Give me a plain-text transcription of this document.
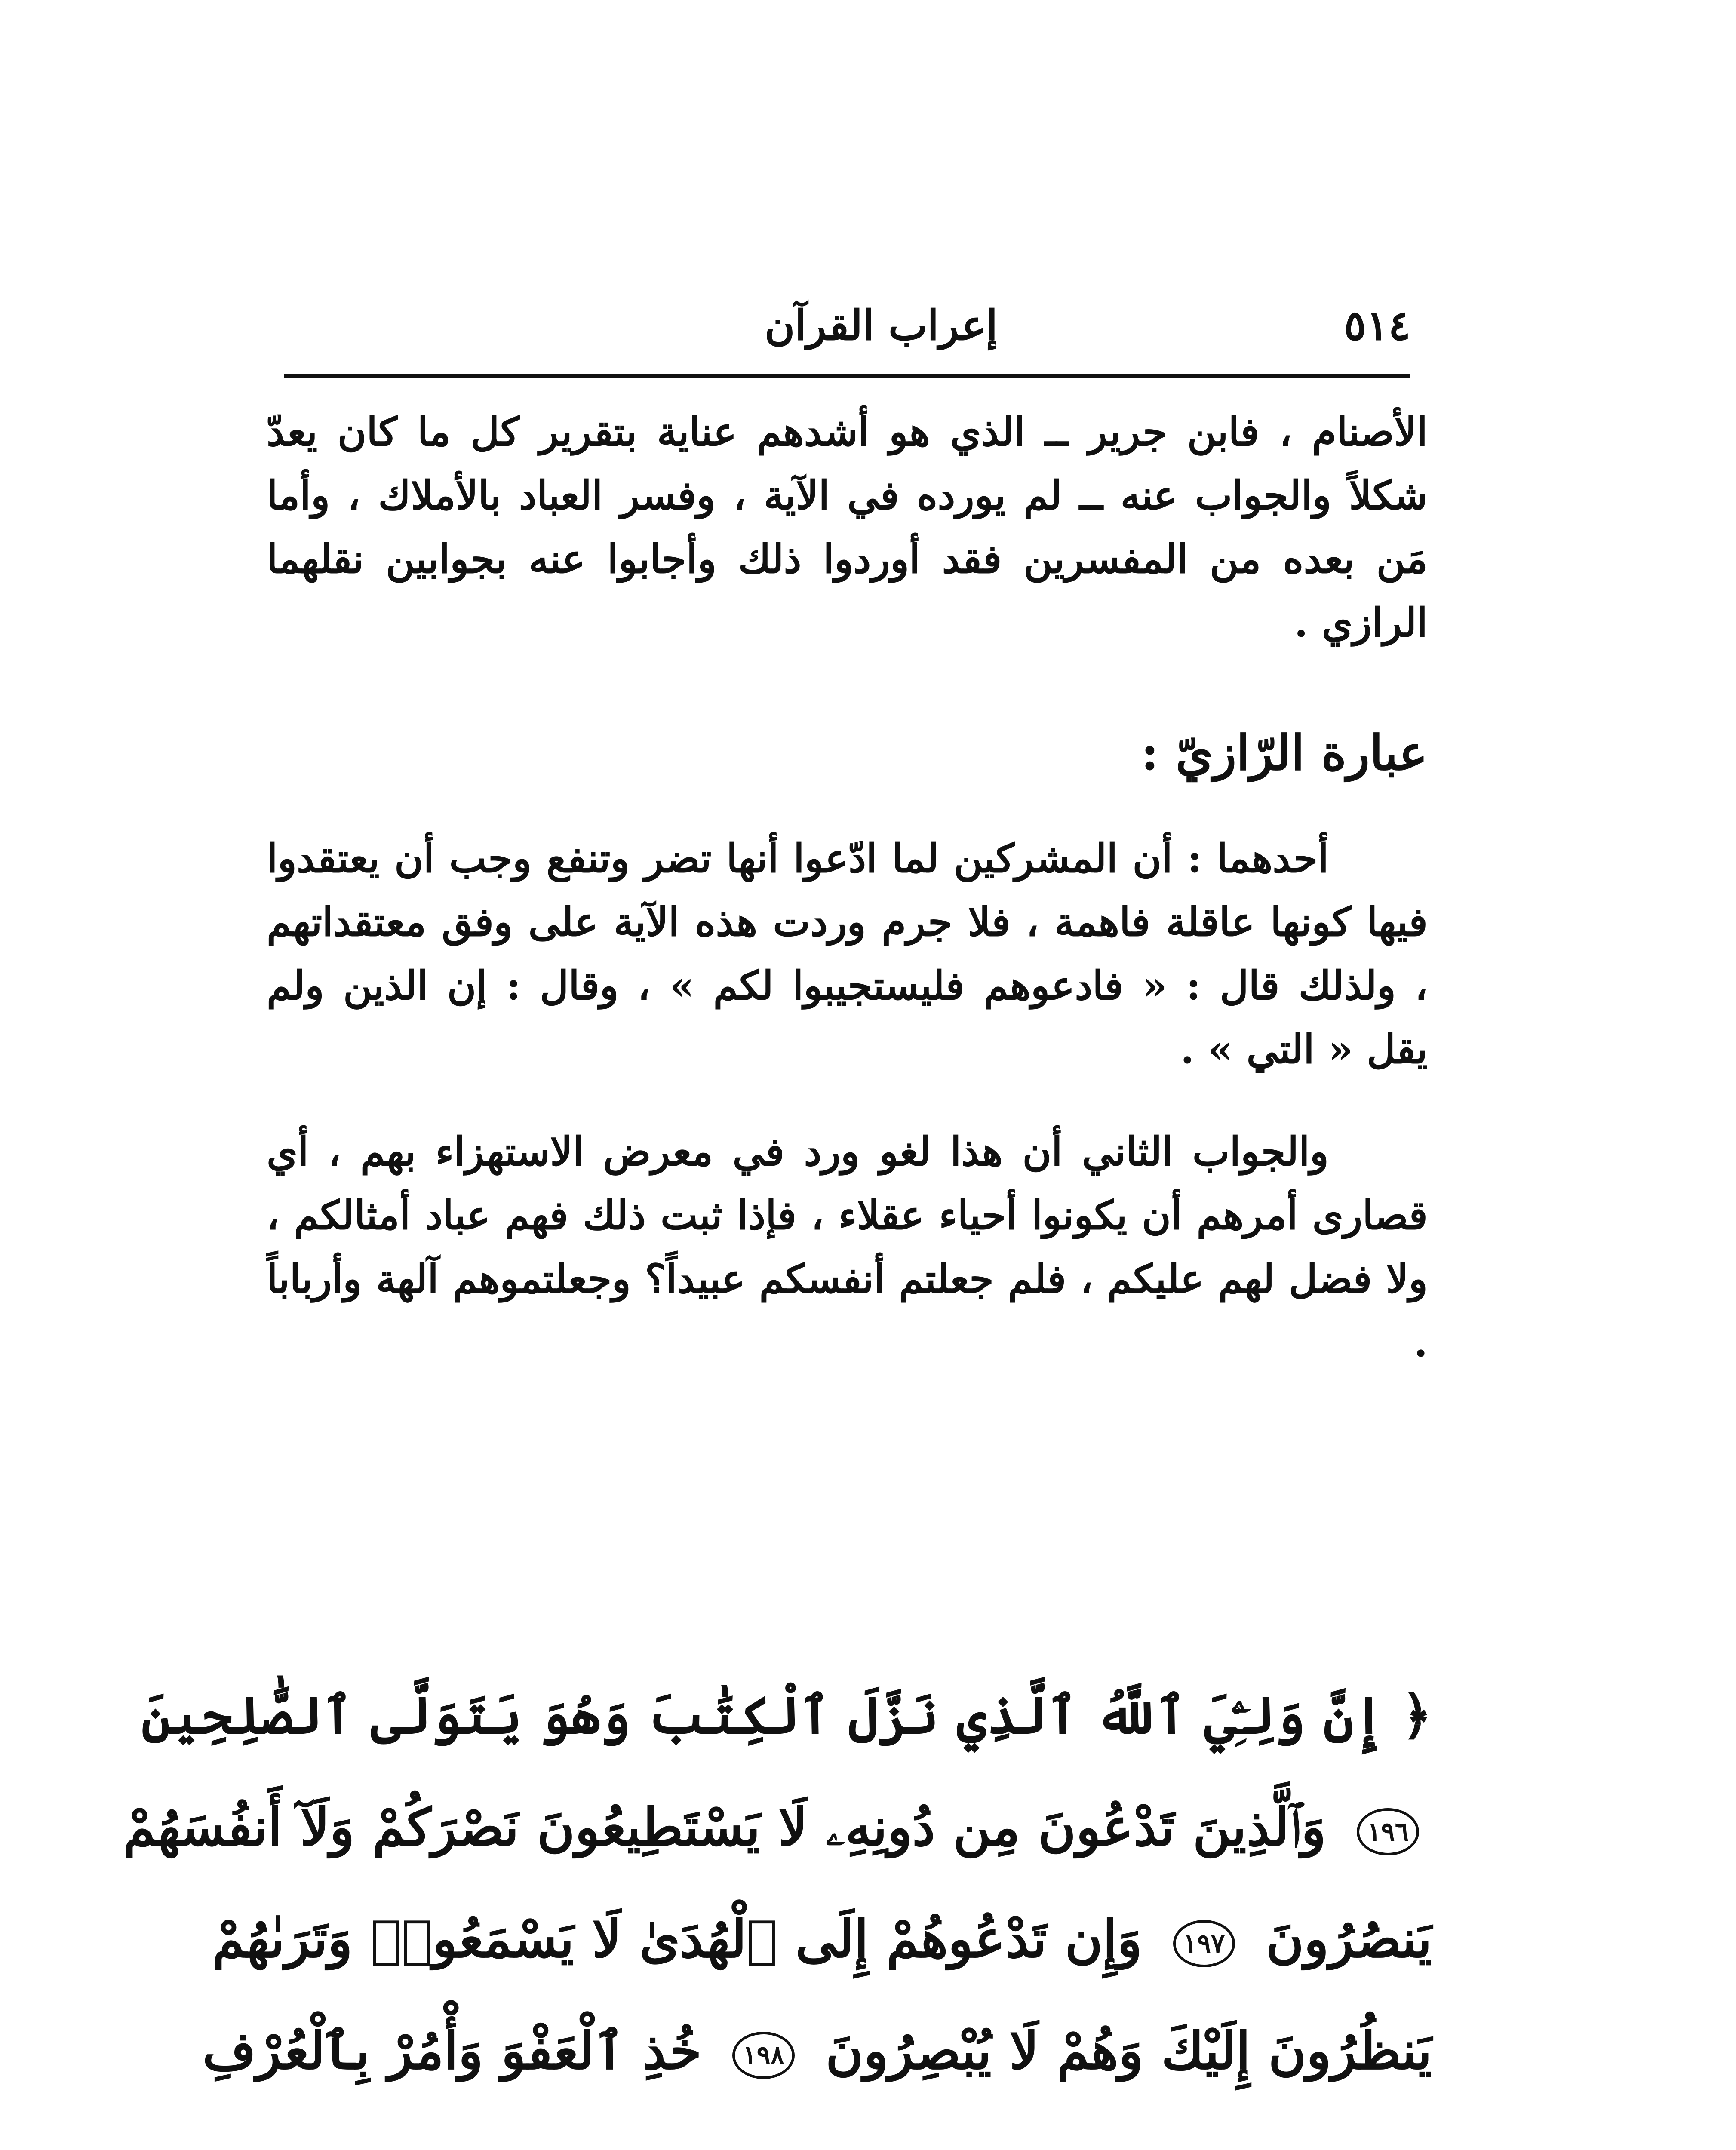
٥١٤
إعراب القرآن

الأصنام ، فابن جرير ــ الذي هو أشدهم عناية بتقرير كل ما كان يعدّ شكلاً والجواب عنه ــ لم يورده في الآية ، وفسر العباد بالأملاك ، وأما مَن بعده من المفسرين فقد أوردوا ذلك وأجابوا عنه بجوابين نقلهما الرازي .

عبارة الرّازيّ :

أحدهما : أن المشركين لما ادّعوا أنها تضر وتنفع وجب أن يعتقدوا فيها كونها عاقلة فاهمة ، فلا جرم وردت هذه الآية على وفق معتقداتهم ، ولذلك قال : « فادعوهم فليستجيبوا لكم » ، وقال : إن الذين ولم يقل « التي » .

والجواب الثاني أن هذا لغو ورد في معرض الاستهزاء بهم ، أي قصارى أمرهم أن يكونوا أحياء عقلاء ، فإذا ثبت ذلك فهم عباد أمثالكم ، ولا فضل لهم عليكم ، فلم جعلتم أنفسكم عبيداً؟ وجعلتموهم آلهة وأرباباً .

﴿ إِنَّ وَلِـِّۧيَ ٱللَّهُ ٱلَّذِي نَزَّلَ ٱلْكِتَٰبَ وَهُوَ يَتَوَلَّى ٱلصَّٰلِحِينَ

١٩٦ وَٱلَّذِينَ تَدْعُونَ مِن دُونِهِۦ لَا يَسْتَطِيعُونَ نَصْرَكُمْ وَلَآ أَنفُسَهُمْ

يَنصُرُونَ ١٩٧ وَإِن تَدْعُوهُمْ إِلَى ٱلْهُدَىٰ لَا يَسْمَعُوا۟ وَتَرَىٰهُمْ

يَنظُرُونَ إِلَيْكَ وَهُمْ لَا يُبْصِرُونَ ١٩٨ خُذِ ٱلْعَفْوَ وَأْمُرْ بِٱلْعُرْفِ
